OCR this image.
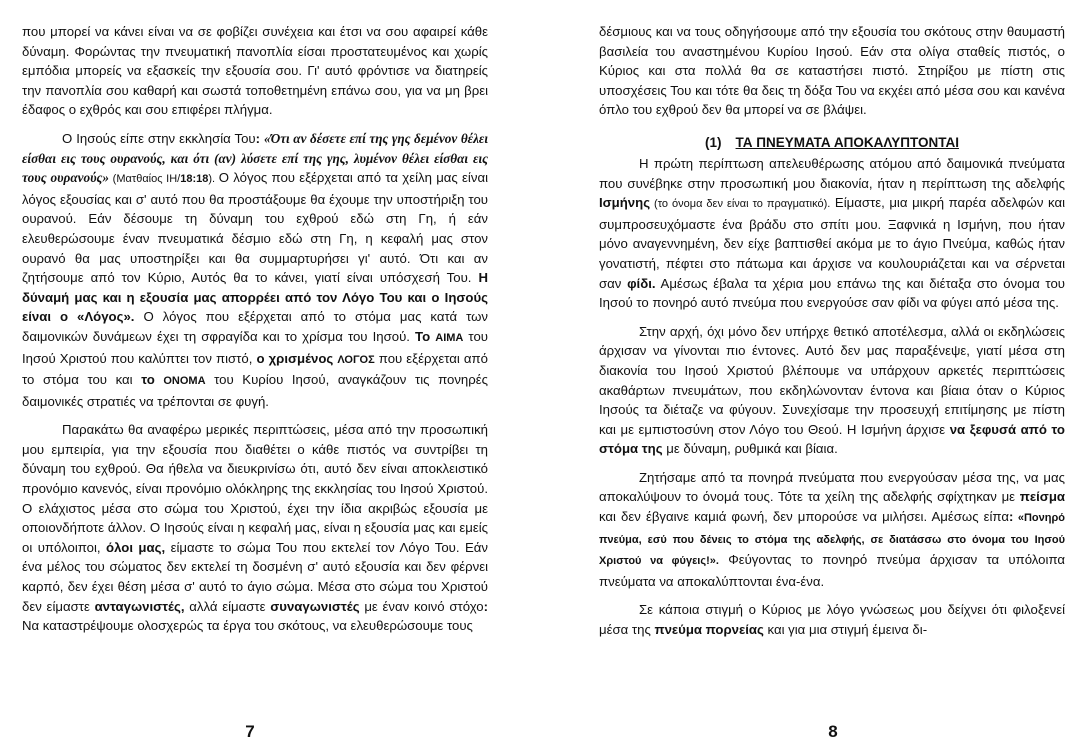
που μπορεί να κάνει είναι να σε φοβίζει συνέχεια και έτσι να σου αφαιρεί κάθε δύναμη. Φορώντας την πνευματική πανοπλία είσαι προστατευμένος και χωρίς εμπόδια μπορείς να εξασκείς την εξουσία σου. Γι' αυτό φρόντισε να διατηρείς την πανοπλία σου καθαρή και σωστά τοποθετημένη επάνω σου, για να μη βρει έδαφος ο εχθρός και σου επιφέρει πλήγμα.

Ο Ιησούς είπε στην εκκλησία Του: «Ότι αν δέσετε επί της γης δεμένον θέλει είσθαι εις τους ουρανούς, και ότι (αν) λύσετε επί της γης, λυμένον θέλει είσθαι εις τους ουρανούς» (Ματθαίος ΙΗ/18:18). Ο λόγος που εξέρχεται από τα χείλη μας είναι λόγος εξουσίας και σ' αυτό που θα προστάξουμε θα έχουμε την υποστήριξη του ουρανού. Εάν δέσουμε τη δύναμη του εχθρού εδώ στη Γη, ή εάν ελευθερώσουμε έναν πνευματικά δέσμιο εδώ στη Γη, η κεφαλή μας στον ουρανό θα μας υποστηρίξει και θα συμμαρτυρήσει γι' αυτό. Ότι και αν ζητήσουμε από τον Κύριο, Αυτός θα το κάνει, γιατί είναι υπόσχεσή Του. Η δύναμή μας και η εξουσία μας απορρέει από τον Λόγο Του και ο Ιησούς είναι ο «Λόγος». Ο λόγος που εξέρχεται από το στόμα μας κατά των δαιμονικών δυνάμεων έχει τη σφραγίδα και το χρίσμα του Ιησού. Το ΑΙΜΑ του Ιησού Χριστού που καλύπτει τον πιστό, ο χρισμένος ΛΟΓΟΣ που εξέρχεται από το στόμα του και το ΟΝΟΜΑ του Κυρίου Ιησού, αναγκάζουν τις πονηρές δαιμονικές στρατιές να τρέπονται σε φυγή.

Παρακάτω θα αναφέρω μερικές περιπτώσεις, μέσα από την προσωπική μου εμπειρία, για την εξουσία που διαθέτει ο κάθε πιστός να συντρίβει τη δύναμη του εχθρού. Θα ήθελα να διευκρινίσω ότι, αυτό δεν είναι αποκλειστικό προνόμιο κανενός, είναι προνόμιο ολόκληρης της εκκλησίας του Ιησού Χριστού. Ο ελάχιστος μέσα στο σώμα του Χριστού, έχει την ίδια ακριβώς εξουσία με οποιονδήποτε άλλον. Ο Ιησούς είναι η κεφαλή μας, είναι η εξουσία μας και εμείς οι υπόλοιποι, όλοι μας, είμαστε το σώμα Του που εκτελεί τον Λόγο Του. Εάν ένα μέλος του σώματος δεν εκτελεί τη δοσμένη σ' αυτό εξουσία και δεν φέρνει καρπό, δεν έχει θέση μέσα σ' αυτό το άγιο σώμα. Μέσα στο σώμα του Χριστού δεν είμαστε ανταγωνιστές, αλλά είμαστε συναγωνιστές με έναν κοινό στόχο: Να καταστρέψουμε ολοσχερώς τα έργα του σκότους, να ελευθερώσουμε τους

7

δέσμιους και να τους οδηγήσουμε από την εξουσία του σκότους στην θαυμαστή βασιλεία του αναστημένου Κυρίου Ιησού. Εάν στα ολίγα σταθείς πιστός, ο Κύριος και στα πολλά θα σε καταστήσει πιστό. Στηρίξου με πίστη στις υποσχέσεις Του και τότε θα δεις τη δόξα Του να εκχέει από μέσα σου και κανένα όπλο του εχθρού δεν θα μπορεί να σε βλάψει.

(1) ΤΑ ΠΝΕΥΜΑΤΑ ΑΠΟΚΑΛΥΠΤΟΝΤΑΙ

Η πρώτη περίπτωση απελευθέρωσης ατόμου από δαιμονικά πνεύματα που συνέβηκε στην προσωπική μου διακονία, ήταν η περίπτωση της αδελφής Ισμήνης (το όνομα δεν είναι το πραγματικό). Είμαστε, μια μικρή παρέα αδελφών και συμπροσευχόμαστε ένα βράδυ στο σπίτι μου. Ξαφνικά η Ισμήνη, που ήταν μόνο αναγεννημένη, δεν είχε βαπτισθεί ακόμα με το άγιο Πνεύμα, καθώς ήταν γονατιστή, πέφτει στο πάτωμα και άρχισε να κουλουριάζεται και να σέρνεται σαν φίδι. Αμέσως έβαλα τα χέρια μου επάνω της και διέταξα στο όνομα του Ιησού το πονηρό αυτό πνεύμα που ενεργούσε σαν φίδι να φύγει από μέσα της.

Στην αρχή, όχι μόνο δεν υπήρχε θετικό αποτέλεσμα, αλλά οι εκδηλώσεις άρχισαν να γίνονται πιο έντονες. Αυτό δεν μας παραξένεψε, γιατί μέσα στη διακονία του Ιησού Χριστού βλέπουμε να υπάρχουν αρκετές περιπτώσεις ακαθάρτων πνευμάτων, που εκδηλώνονταν έντονα και βίαια όταν ο Κύριος Ιησούς τα διέταζε να φύγουν. Συνεχίσαμε την προσευχή επιτίμησης με πίστη και με εμπιστοσύνη στον Λόγο του Θεού. Η Ισμήνη άρχισε να ξεφυσά από το στόμα της με δύναμη, ρυθμικά και βίαια.

Ζητήσαμε από τα πονηρά πνεύματα που ενεργούσαν μέσα της, να μας αποκαλύψουν το όνομά τους. Τότε τα χείλη της αδελφής σφίχτηκαν με πείσμα και δεν έβγαινε καμιά φωνή, δεν μπορούσε να μιλήσει. Αμέσως είπα: «Πονηρό πνεύμα, εσύ που δένεις το στόμα της αδελφής, σε διατάσσω στο όνομα του Ιησού Χριστού να φύγεις!». Φεύγοντας το πονηρό πνεύμα άρχισαν τα υπόλοιπα πνεύματα να αποκαλύπτονται ένα-ένα.

Σε κάποια στιγμή ο Κύριος με λόγο γνώσεως μου δείχνει ότι φιλοξενεί μέσα της πνεύμα πορνείας και για μια στιγμή έμεινα δι-

8
